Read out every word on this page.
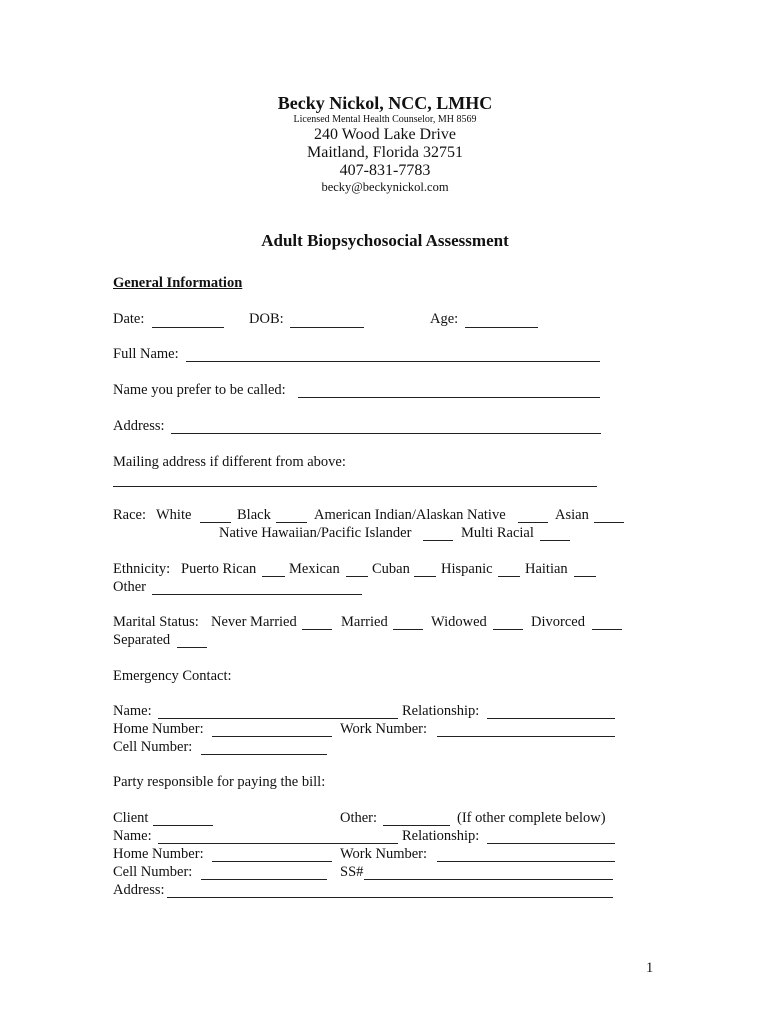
Becky Nickol, NCC, LMHC
Licensed Mental Health Counselor, MH 8569
240 Wood Lake Drive
Maitland, Florida 32751
407-831-7783
becky@beckynickol.com
Adult Biopsychosocial Assessment
General Information
Date:	DOB:	Age:
Full Name:
Name you prefer to be called:
Address:
Mailing address if different from above:
Race: White	Black	American Indian/Alaskan Native	Asian
Native Hawaiian/Pacific Islander	Multi Racial
Ethnicity: Puerto Rican Mexican Cuban Hispanic Haitian
Other
Marital Status: Never Married	Married	Widowed	Divorced
Separated
Emergency Contact:
Name:	Relationship:
Home Number:	Work Number:
Cell Number:
Party responsible for paying the bill:
Client	Other:	(If other complete below)
Name:	Relationship:
Home Number:	Work Number:
Cell Number:	SS#
Address:
1
